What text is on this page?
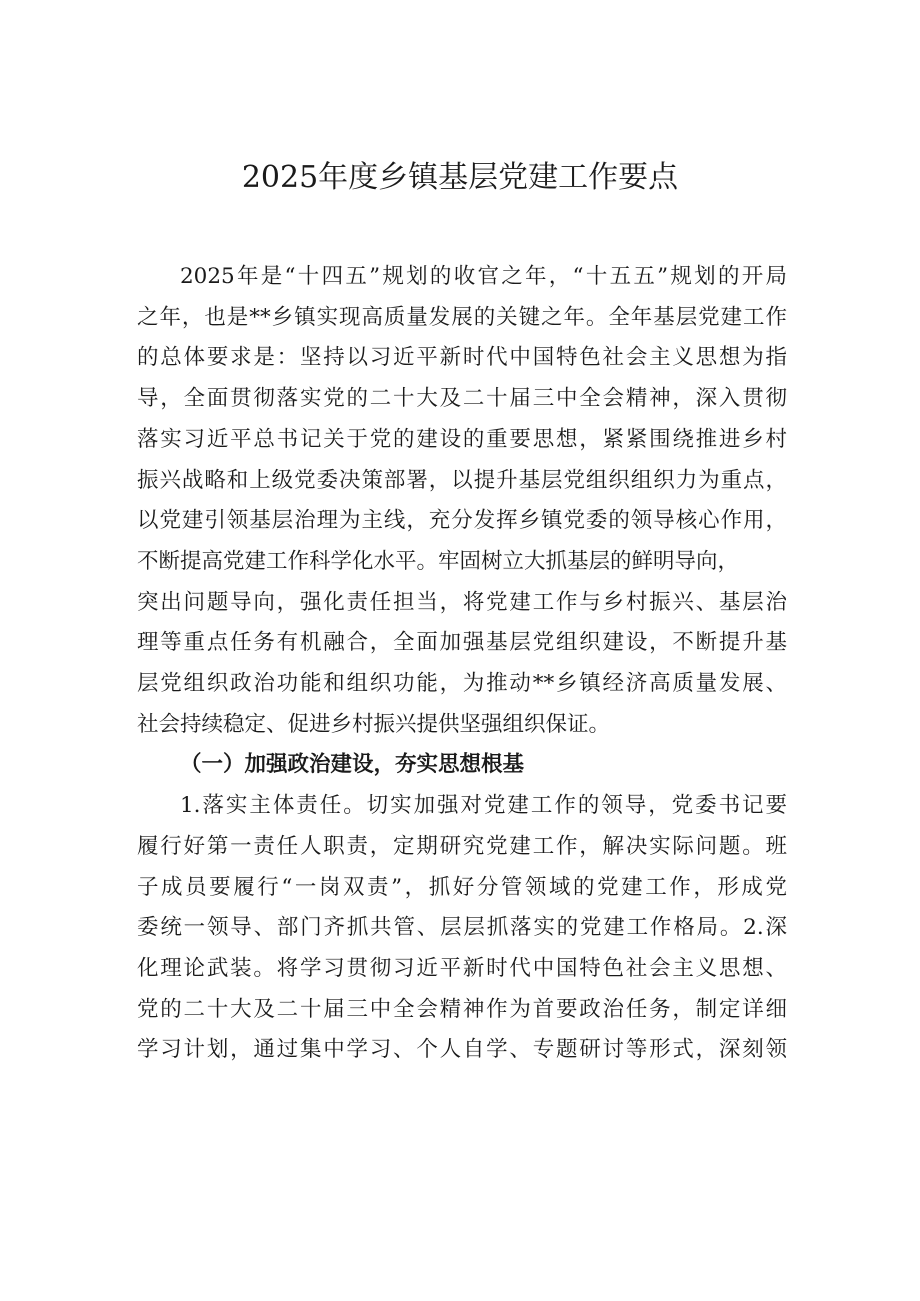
2025年度乡镇基层党建工作要点

2025年是“十四五”规划的收官之年，“十五五”规划的开局

之年，也是**乡镇实现高质量发展的关键之年。全年基层党建工作

的总体要求是：坚持以习近平新时代中国特色社会主义思想为指

导，全面贯彻落实党的二十大及二十届三中全会精神，深入贯彻

落实习近平总书记关于党的建设的重要思想，紧紧围绕推进乡村

振兴战略和上级党委决策部署，以提升基层党组织组织力为重点，

以党建引领基层治理为主线，充分发挥乡镇党委的领导核心作用，

不断提高党建工作科学化水平。牢固树立大抓基层的鲜明导向，

突出问题导向，强化责任担当，将党建工作与乡村振兴、基层治

理等重点任务有机融合，全面加强基层党组织建设，不断提升基

层党组织政治功能和组织功能，为推动**乡镇经济高质量发展、

社会持续稳定、促进乡村振兴提供坚强组织保证。

（一）加强政治建设，夯实思想根基

1.落实主体责任。切实加强对党建工作的领导，党委书记要

履行好第一责任人职责，定期研究党建工作，解决实际问题。班

子成员要履行“一岗双责”，抓好分管领域的党建工作，形成党

委统一领导、部门齐抓共管、层层抓落实的党建工作格局。2.深

化理论武装。将学习贯彻习近平新时代中国特色社会主义思想、

党的二十大及二十届三中全会精神作为首要政治任务，制定详细

学习计划，通过集中学习、个人自学、专题研讨等形式，深刻领
